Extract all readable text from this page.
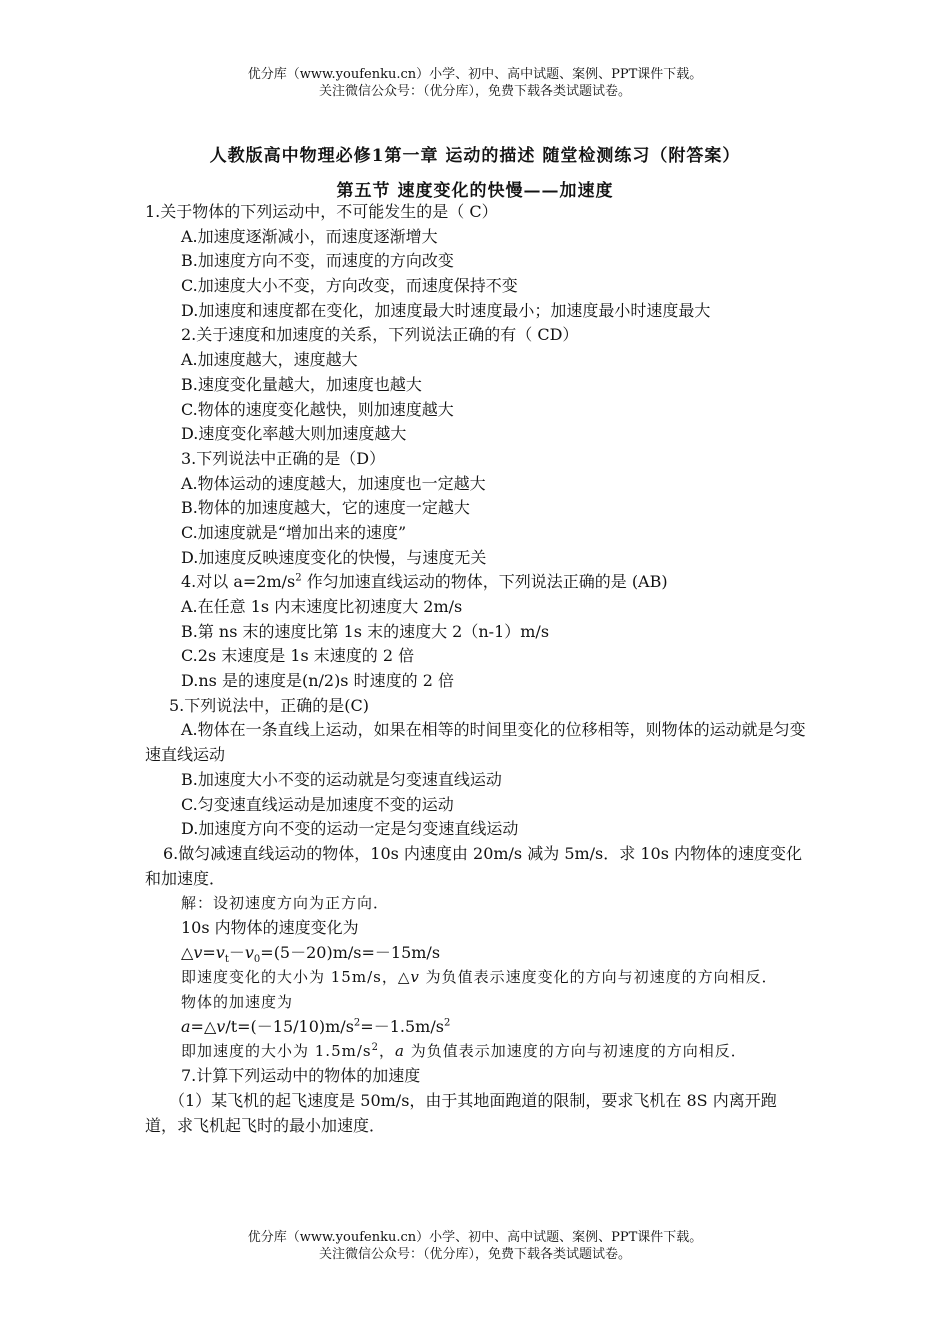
优分库（www.youfenku.cn）小学、初中、高中试题、案例、PPT课件下载。
关注微信公众号：（优分库），免费下载各类试题试卷。
人教版高中物理必修1第一章 运动的描述 随堂检测练习（附答案）
第五节 速度变化的快慢——加速度
1.关于物体的下列运动中，不可能发生的是（ C）
A.加速度逐渐减小，而速度逐渐增大
B.加速度方向不变，而速度的方向改变
C.加速度大小不变，方向改变，而速度保持不变
D.加速度和速度都在变化，加速度最大时速度最小；加速度最小时速度最大
2.关于速度和加速度的关系，下列说法正确的有（ CD）
A.加速度越大，速度越大
B.速度变化量越大，加速度也越大
C.物体的速度变化越快，则加速度越大
D.速度变化率越大则加速度越大
3.下列说法中正确的是（D）
A.物体运动的速度越大，加速度也一定越大
B.物体的加速度越大，它的速度一定越大
C.加速度就是“增加出来的速度”
D.加速度反映速度变化的快慢，与速度无关
4.对以 $a=2m/s^2$ 作匀加速直线运动的物体，下列说法正确的是 (AB)
A.在任意 1s 内末速度比初速度大 2m/s
B.第 ns 末的速度比第 1s 末的速度大 2（n-1）m/s
C.2s 末速度是 1s 末速度的 2 倍
D.ns 是的速度是(n/2)s 时速度的 2 倍
5.下列说法中，正确的是(C)
A.物体在一条直线上运动，如果在相等的时间里变化的位移相等，则物体的运动就是匀变速直线运动
B.加速度大小不变的运动就是匀变速直线运动
C.匀变速直线运动是加速度不变的运动
D.加速度方向不变的运动一定是匀变速直线运动
6.做匀减速直线运动的物体，10s 内速度由 20m/s 减为 5m/s．求 10s 内物体的速度变化和加速度．
解：设初速度方向为正方向．
10s 内物体的速度变化为
$\triangle v=v_t-v_0=(5-20)m/s=-15m/s$
即速度变化的大小为 15m/s，△v 为负值表示速度变化的方向与初速度的方向相反．
物体的加速度为
$a=\triangle v/t=(-15/10)m/s^2=-1.5m/s^2$
即加速度的大小为 $1.5m/s^2$，a 为负值表示加速度的方向与初速度的方向相反．
7.计算下列运动中的物体的加速度
（1）某飞机的起飞速度是 50m/s，由于其地面跑道的限制，要求飞机在 8S 内离开跑道，求飞机起飞时的最小加速度．
优分库（www.youfenku.cn）小学、初中、高中试题、案例、PPT课件下载。
关注微信公众号：（优分库），免费下载各类试题试卷。
